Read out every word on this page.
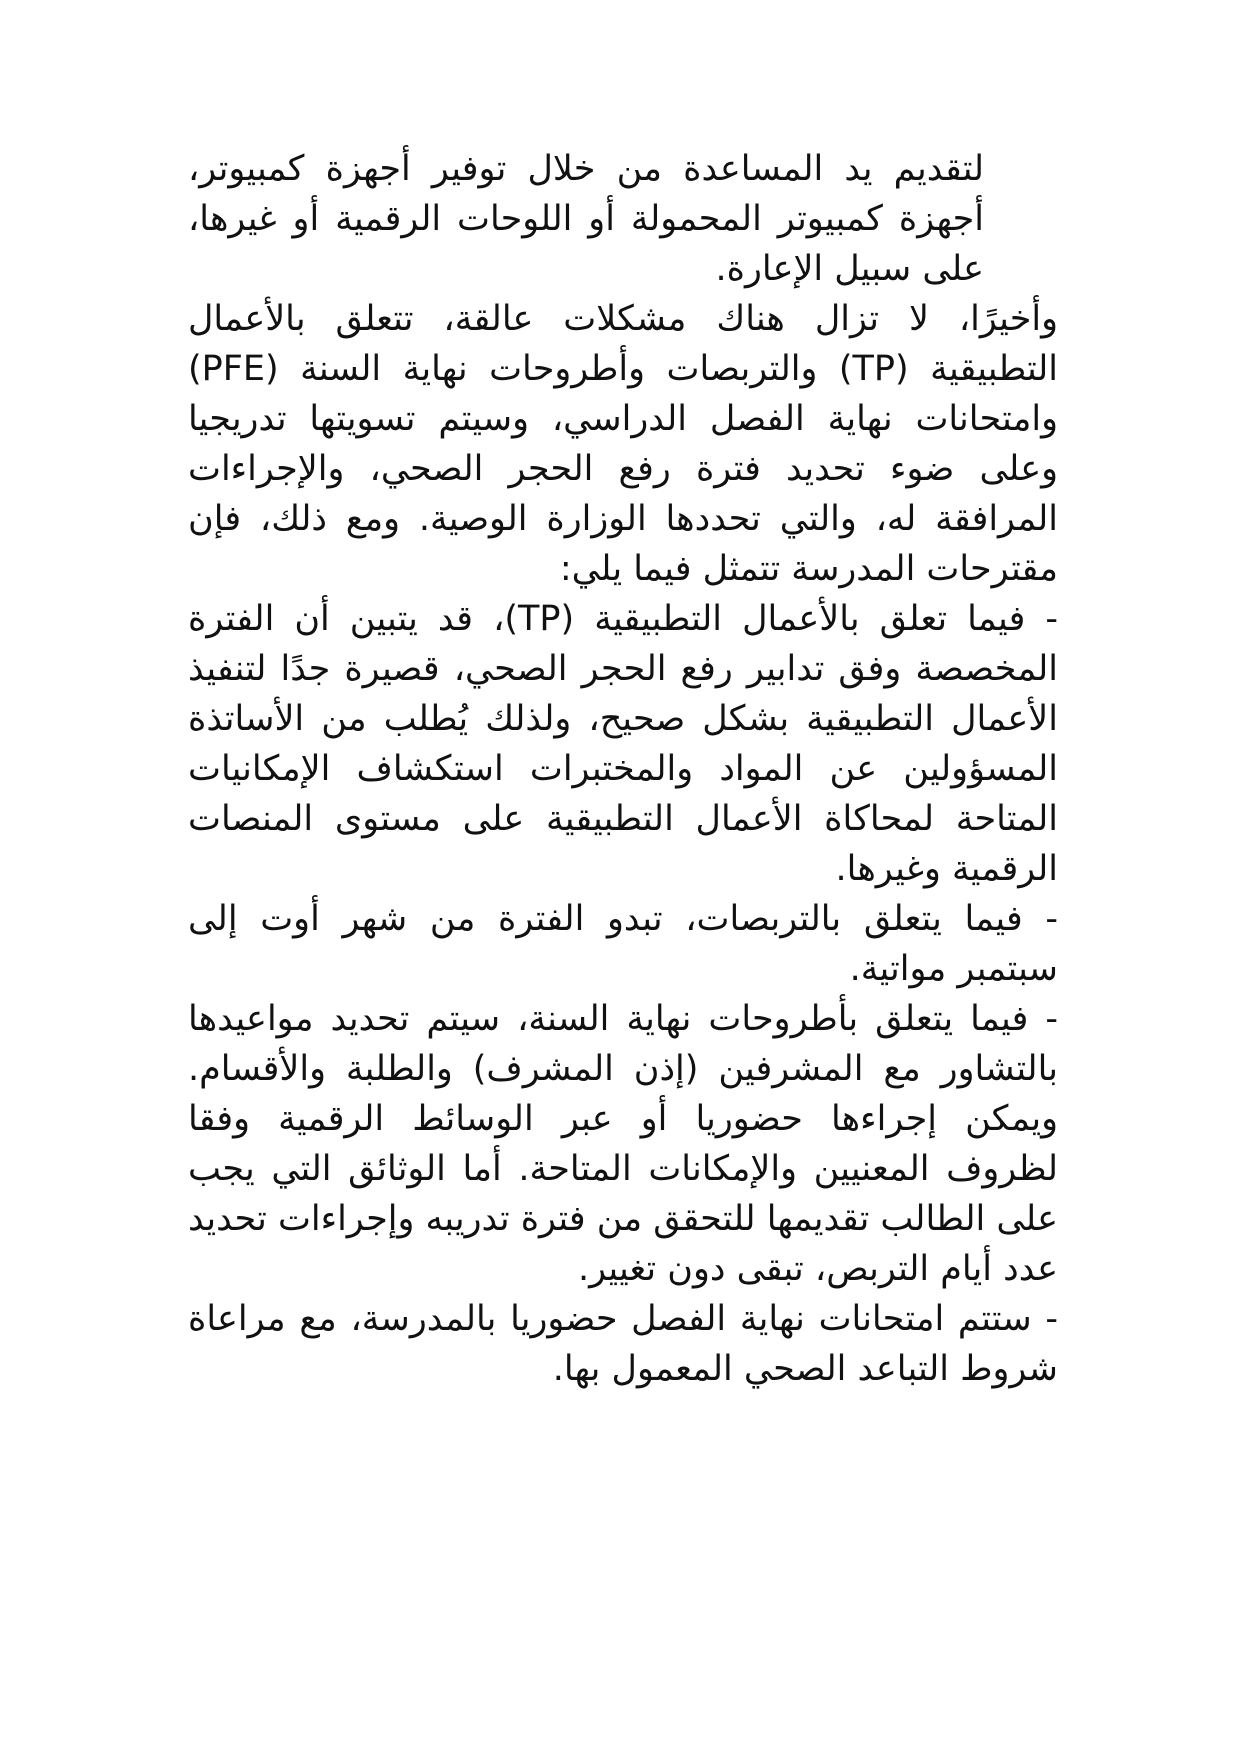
لتقديم يد المساعدة من خلال توفير أجهزة كمبيوتر، أجهزة كمبيوتر المحمولة أو اللوحات الرقمية أو غيرها، على سبيل الإعارة.

وأخيرًا، لا تزال هناك مشكلات عالقة، تتعلق بالأعمال التطبيقية (TP) والتربصات وأطروحات نهاية السنة (PFE) وامتحانات نهاية الفصل الدراسي، وسيتم تسويتها تدريجيا وعلى ضوء تحديد فترة رفع الحجر الصحي، والإجراءات المرافقة له، والتي تحددها الوزارة الوصية. ومع ذلك، فإن مقترحات المدرسة تتمثل فيما يلي:

- فيما تعلق بالأعمال التطبيقية (TP)، قد يتبين أن الفترة المخصصة وفق تدابير رفع الحجر الصحي، قصيرة جدًا لتنفيذ الأعمال التطبيقية بشكل صحيح، ولذلك يُطلب من الأساتذة المسؤولين عن المواد والمختبرات استكشاف الإمكانيات المتاحة لمحاكاة الأعمال التطبيقية على مستوى المنصات الرقمية وغيرها.

- فيما يتعلق بالتربصات، تبدو الفترة من شهر أوت إلى سبتمبر مواتية.

- فيما يتعلق بأطروحات نهاية السنة، سيتم تحديد مواعيدها بالتشاور مع المشرفين (إذن المشرف) والطلبة والأقسام. ويمكن إجراءها حضوريا أو عبر الوسائط الرقمية وفقا لظروف المعنيين والإمكانات المتاحة. أما الوثائق التي يجب على الطالب تقديمها للتحقق من فترة تدريبه وإجراءات تحديد عدد أيام التربص، تبقى دون تغيير.

- ستتم امتحانات نهاية الفصل حضوريا بالمدرسة، مع مراعاة شروط التباعد الصحي المعمول بها.
